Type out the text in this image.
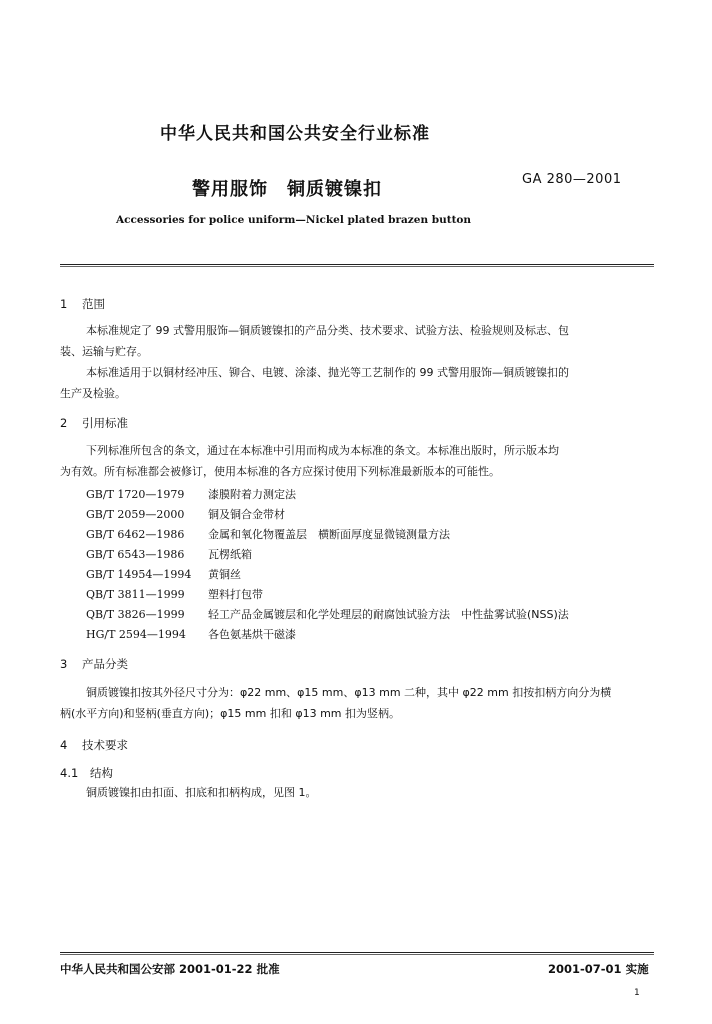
中华人民共和国公共安全行业标准
警用服饰　铜质镀镍扣	GA 280—2001
Accessories for police uniform—Nickel plated brazen button
1 范围
本标准规定了 99 式警用服饰—铜质镀镍扣的产品分类、技术要求、试验方法、检验规则及标志、包
装、运输与贮存。
本标准适用于以铜材经冲压、铆合、电镀、涂漆、抛光等工艺制作的 99 式警用服饰—铜质镀镍扣的
生产及检验。
2 引用标准
下列标准所包含的条文，通过在本标准中引用而构成为本标准的条文。本标准出版时，所示版本均
为有效。所有标准都会被修订，使用本标准的各方应探讨使用下列标准最新版本的可能性。
GB/T 1720—1979 漆膜附着力测定法
GB/T 2059—2000 铜及铜合金带材
GB/T 6462—1986 金属和氧化物覆盖层　横断面厚度显微镜测量方法
GB/T 6543—1986 瓦楞纸箱
GB/T 14954—1994 黄铜丝
QB/T 3811—1999 塑料打包带
QB/T 3826—1999 轻工产品金属镀层和化学处理层的耐腐蚀试验方法　中性盐雾试验(NSS)法
HG/T 2594—1994 各色氨基烘干磁漆
3 产品分类
铜质镀镍扣按其外径尺寸分为：φ22 mm、φ15 mm、φ13 mm 二种，其中 φ22 mm 扣按扣柄方向分为横
柄(水平方向)和竖柄(垂直方向)；φ15 mm 扣和 φ13 mm 扣为竖柄。
4 技术要求
4.1 结构
铜质镀镍扣由扣面、扣底和扣柄构成，见图 1。
中华人民共和国公安部 2001-01-22 批准	2001-07-01 实施
1
